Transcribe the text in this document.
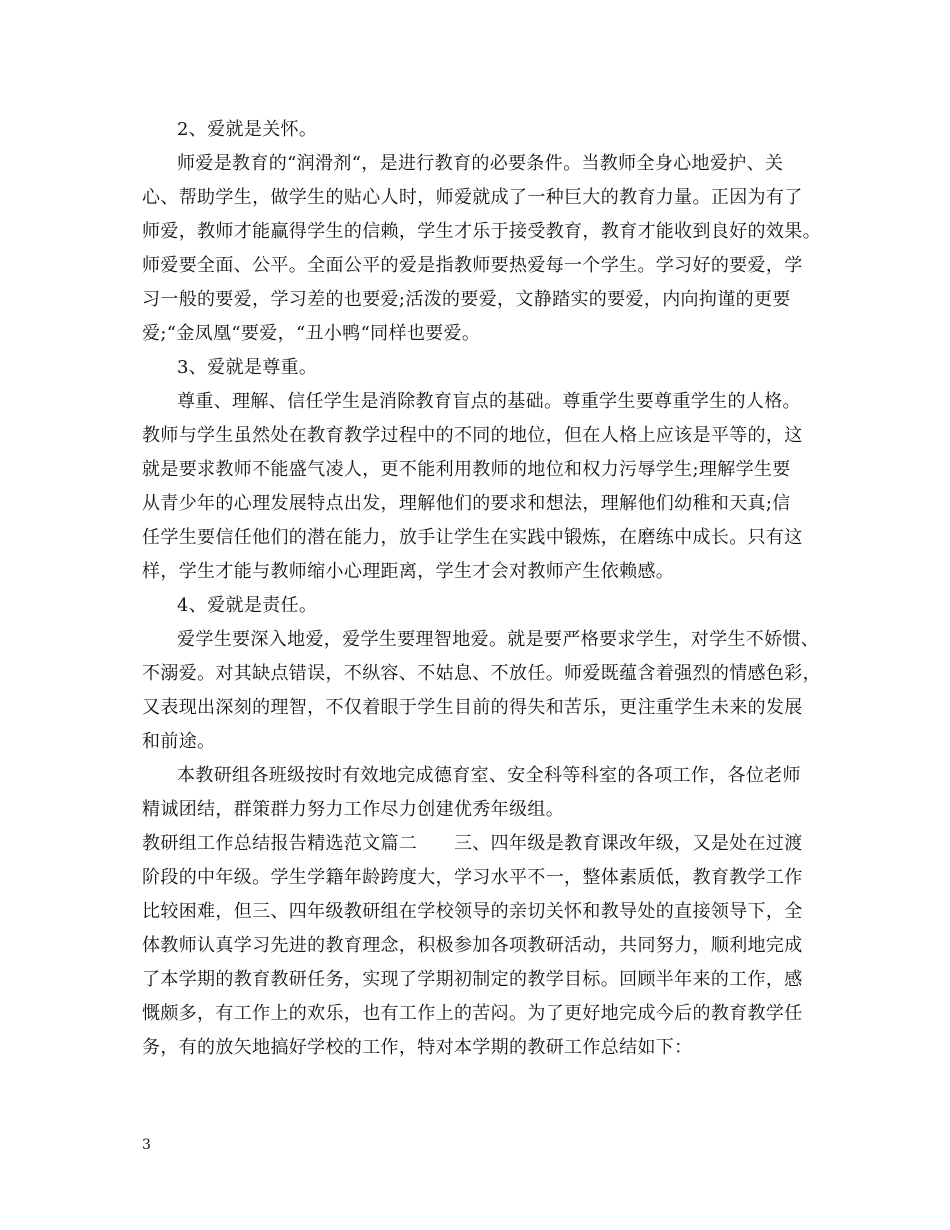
2、爱就是关怀。
师爱是教育的“润滑剂“，是进行教育的必要条件。当教师全身心地爱护、关
心、帮助学生，做学生的贴心人时，师爱就成了一种巨大的教育力量。正因为有了
师爱，教师才能赢得学生的信赖，学生才乐于接受教育，教育才能收到良好的效果。
师爱要全面、公平。全面公平的爱是指教师要热爱每一个学生。学习好的要爱，学
习一般的要爱，学习差的也要爱;活泼的要爱，文静踏实的要爱，内向拘谨的更要
爱;“金凤凰“要爱，“丑小鸭“同样也要爱。
3、爱就是尊重。
尊重、理解、信任学生是消除教育盲点的基础。尊重学生要尊重学生的人格。
教师与学生虽然处在教育教学过程中的不同的地位，但在人格上应该是平等的，这
就是要求教师不能盛气凌人，更不能利用教师的地位和权力污辱学生;理解学生要
从青少年的心理发展特点出发，理解他们的要求和想法，理解他们幼稚和天真;信
任学生要信任他们的潜在能力，放手让学生在实践中锻炼，在磨练中成长。只有这
样，学生才能与教师缩小心理距离，学生才会对教师产生依赖感。
4、爱就是责任。
爱学生要深入地爱，爱学生要理智地爱。就是要严格要求学生，对学生不娇惯、
不溺爱。对其缺点错误，不纵容、不姑息、不放任。师爱既蕴含着强烈的情感色彩，
又表现出深刻的理智，不仅着眼于学生目前的得失和苦乐，更注重学生未来的发展
和前途。
本教研组各班级按时有效地完成德育室、安全科等科室的各项工作，各位老师
精诚团结，群策群力努力工作尽力创建优秀年级组。
教研组工作总结报告精选范文篇二　　三、四年级是教育课改年级，又是处在过渡
阶段的中年级。学生学籍年龄跨度大，学习水平不一，整体素质低，教育教学工作
比较困难，但三、四年级教研组在学校领导的亲切关怀和教导处的直接领导下，全
体教师认真学习先进的教育理念，积极参加各项教研活动，共同努力，顺利地完成
了本学期的教育教研任务，实现了学期初制定的教学目标。回顾半年来的工作，感
慨颇多，有工作上的欢乐，也有工作上的苦闷。为了更好地完成今后的教育教学任
务，有的放矢地搞好学校的工作，特对本学期的教研工作总结如下：
3
